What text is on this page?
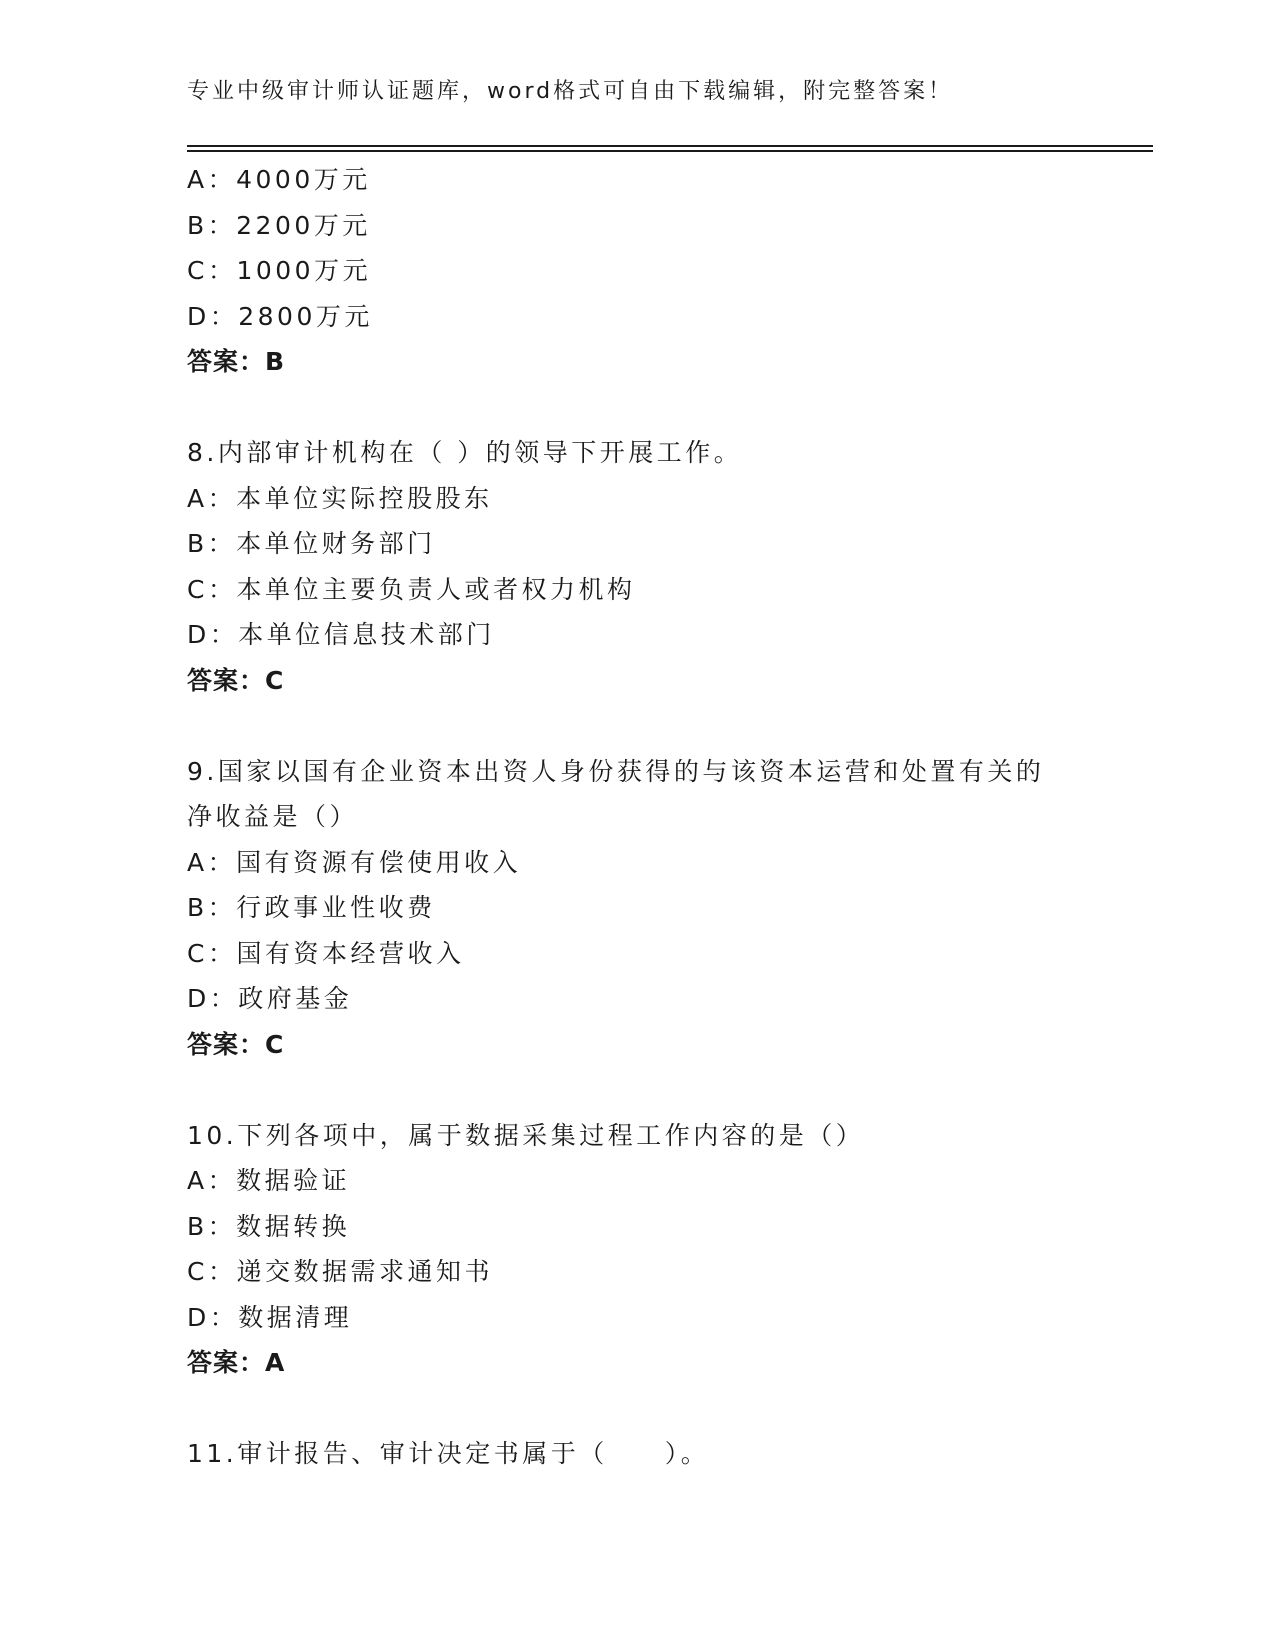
专业中级审计师认证题库，word格式可自由下载编辑，附完整答案！
A：4000万元
B：2200万元
C：1000万元
D：2800万元
答案：B
8.内部审计机构在（ ）的领导下开展工作。
A：本单位实际控股股东
B：本单位财务部门
C：本单位主要负责人或者权力机构
D：本单位信息技术部门
答案：C
9.国家以国有企业资本出资人身份获得的与该资本运营和处置有关的
净收益是（）
A：国有资源有偿使用收入
B：行政事业性收费
C：国有资本经营收入
D：政府基金
答案：C
10.下列各项中，属于数据采集过程工作内容的是（）
A：数据验证
B：数据转换
C：递交数据需求通知书
D：数据清理
答案：A
11.审计报告、审计决定书属于（　　）。
